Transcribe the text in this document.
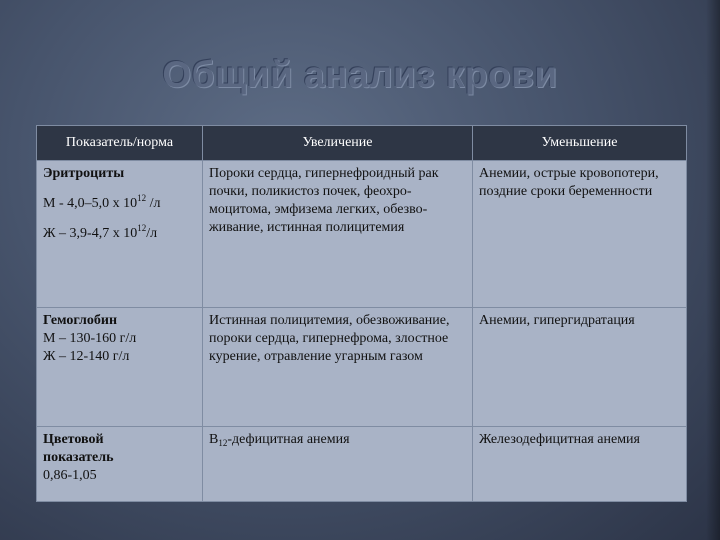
Общий анализ крови
Показатель/норма	Увеличение	Уменьшение
Эритроциты
М - 4,0–5,0 х $10^{12}$ /л
Ж – 3,9-4,7 х $10^{12}/л$	Пороки сердца, гипернефроидный рак почки, поликистоз почек, феохро-моцитома, эмфизема легких, обезво-живание, истинная полицитемия	Анемии, острые кровопотери, поздние сроки беременности
Гемоглобин
М – 130-160 г/л
Ж – 12-140 г/л	Истинная полицитемия, обезвоживание, пороки сердца, гипернефрома, злостное курение, отравление угарным газом	Анемии, гипергидратация
Цветовой
показатель
0,86-1,05	$В_{12}$-дефицитная анемия	Железодефицитная анемия
